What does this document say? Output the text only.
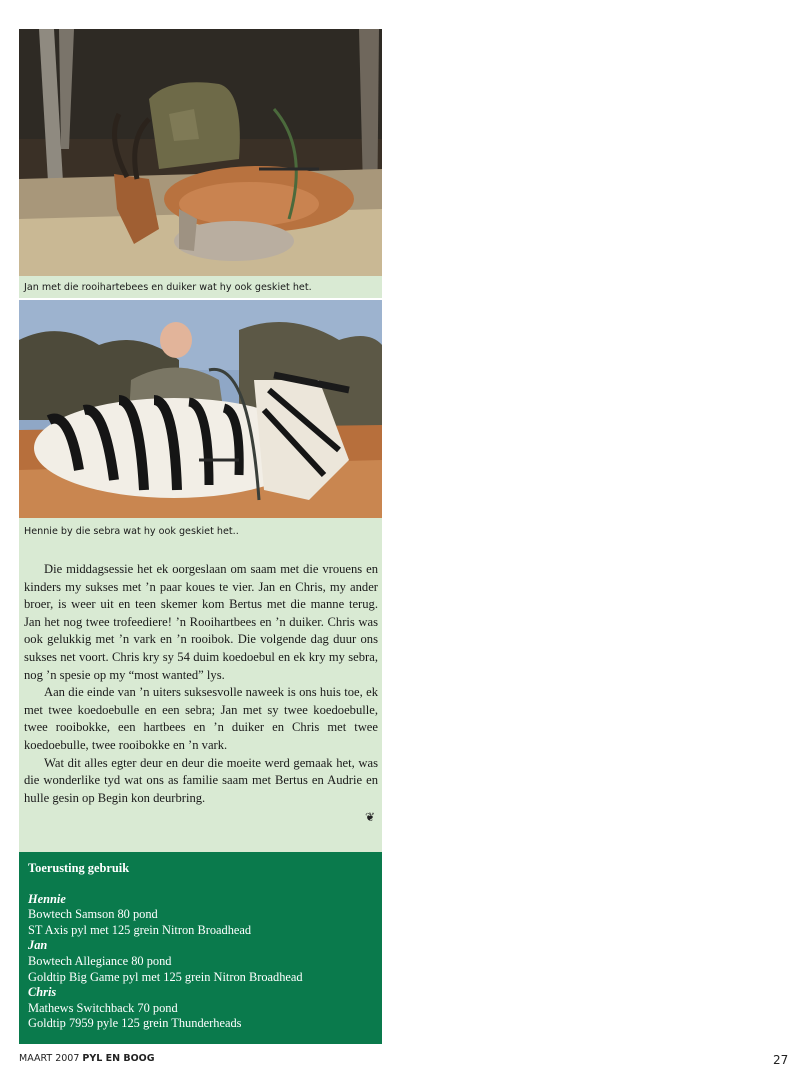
Jan met die rooihartebees en duiker wat hy ook geskiet het.
Hennie by die sebra wat hy ook geskiet het..

Die middagsessie het ek oorgeslaan om saam met die vrouens en kinders my sukses met ’n paar koues te vier. Jan en Chris, my ander broer, is weer uit en teen skemer kom Bertus met die manne terug. Jan het nog twee trofeediere! ’n Rooihartbees en ’n duiker. Chris was ook gelukkig met ’n vark en ’n rooibok. Die volgende dag duur ons sukses net voort. Chris kry sy 54 duim koedoebul en ek kry my sebra, nog ’n spesie op my “most wanted” lys.

Aan die einde van ’n uiters suksesvolle naweek is ons huis toe, ek met twee koedoebulle en een sebra; Jan met sy twee koedoebulle, twee rooibokke, een hartbees en ’n duiker en Chris met twee koedoebulle, twee rooibokke en ’n vark.

Wat dit alles egter deur en deur die moeite werd gemaak het, was die wonderlike tyd wat ons as familie saam met Bertus en Audrie en hulle gesin op Begin kon deurbring.

❦
Toerusting gebruik
Hennie
Bowtech Samson 80 pond
ST Axis pyl met 125 grein Nitron Broadhead
Jan
Bowtech Allegiance 80 pond
Goldtip Big Game pyl met 125 grein Nitron Broadhead
Chris
Mathews Switchback 70 pond
Goldtip 7959 pyle 125 grein Thunderheads
MAART 2007 PYL EN BOOG	27
